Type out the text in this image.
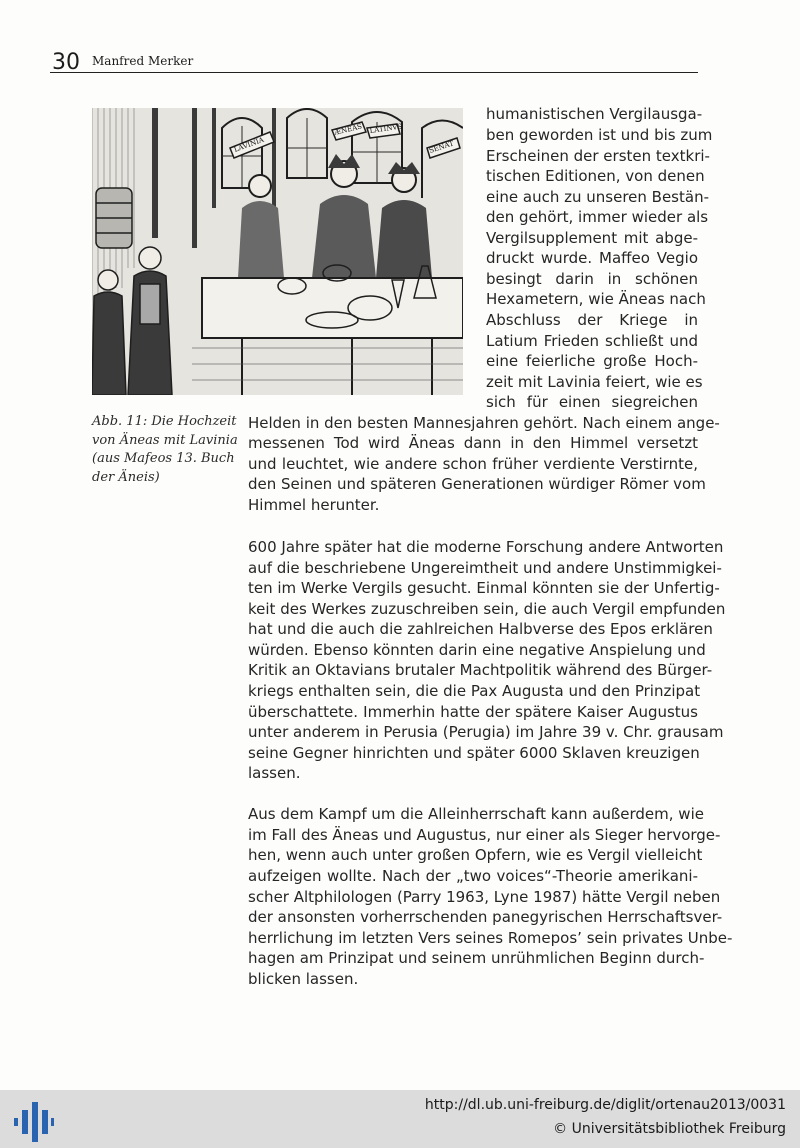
30 Manfred Merker
LAVINIA
ÆNEAS LATINVS
SENAT
Abb. 11: Die Hochzeit
von Äneas mit Lavinia
(aus Mafeos 13. Buch
der Äneis)
humanistischen Vergilausga-
ben geworden ist und bis zum
Erscheinen der ersten textkri-
tischen Editionen, von denen
eine auch zu unseren Bestän-
den gehört, immer wieder als
Vergilsupplement mit abge-
druckt wurde. Maffeo Vegio
besingt darin in schönen
Hexametern, wie Äneas nach
Abschluss der Kriege in
Latium Frieden schließt und
eine feierliche große Hoch-
zeit mit Lavinia feiert, wie es
sich für einen siegreichen
Helden in den besten Mannesjahren gehört. Nach einem ange-
messenen Tod wird Äneas dann in den Himmel versetzt
und leuchtet, wie andere schon früher verdiente Verstirnte,
den Seinen und späteren Generationen würdiger Römer vom
Himmel herunter.
600 Jahre später hat die moderne Forschung andere Antworten
auf die beschriebene Ungereimtheit und andere Unstimmigkei-
ten im Werke Vergils gesucht. Einmal könnten sie der Unfertig-
keit des Werkes zuzuschreiben sein, die auch Vergil empfunden
hat und die auch die zahlreichen Halbverse des Epos erklären
würden. Ebenso könnten darin eine negative Anspielung und
Kritik an Oktavians brutaler Machtpolitik während des Bürger-
kriegs enthalten sein, die die Pax Augusta und den Prinzipat
überschattete. Immerhin hatte der spätere Kaiser Augustus
unter anderem in Perusia (Perugia) im Jahre 39 v. Chr. grausam
seine Gegner hinrichten und später 6000 Sklaven kreuzigen
lassen.
Aus dem Kampf um die Alleinherrschaft kann außerdem, wie
im Fall des Äneas und Augustus, nur einer als Sieger hervorge-
hen, wenn auch unter großen Opfern, wie es Vergil vielleicht
aufzeigen wollte. Nach der „two voices“-Theorie amerikani-
scher Altphilologen (Parry 1963, Lyne 1987) hätte Vergil neben
der ansonsten vorherrschenden panegyrischen Herrschaftsver-
herrlichung im letzten Vers seines Romepos’ sein privates Unbe-
hagen am Prinzipat und seinem unrühmlichen Beginn durch-
blicken lassen.
http://dl.ub.uni-freiburg.de/diglit/ortenau2013/0031
© Universitätsbibliothek Freiburg
